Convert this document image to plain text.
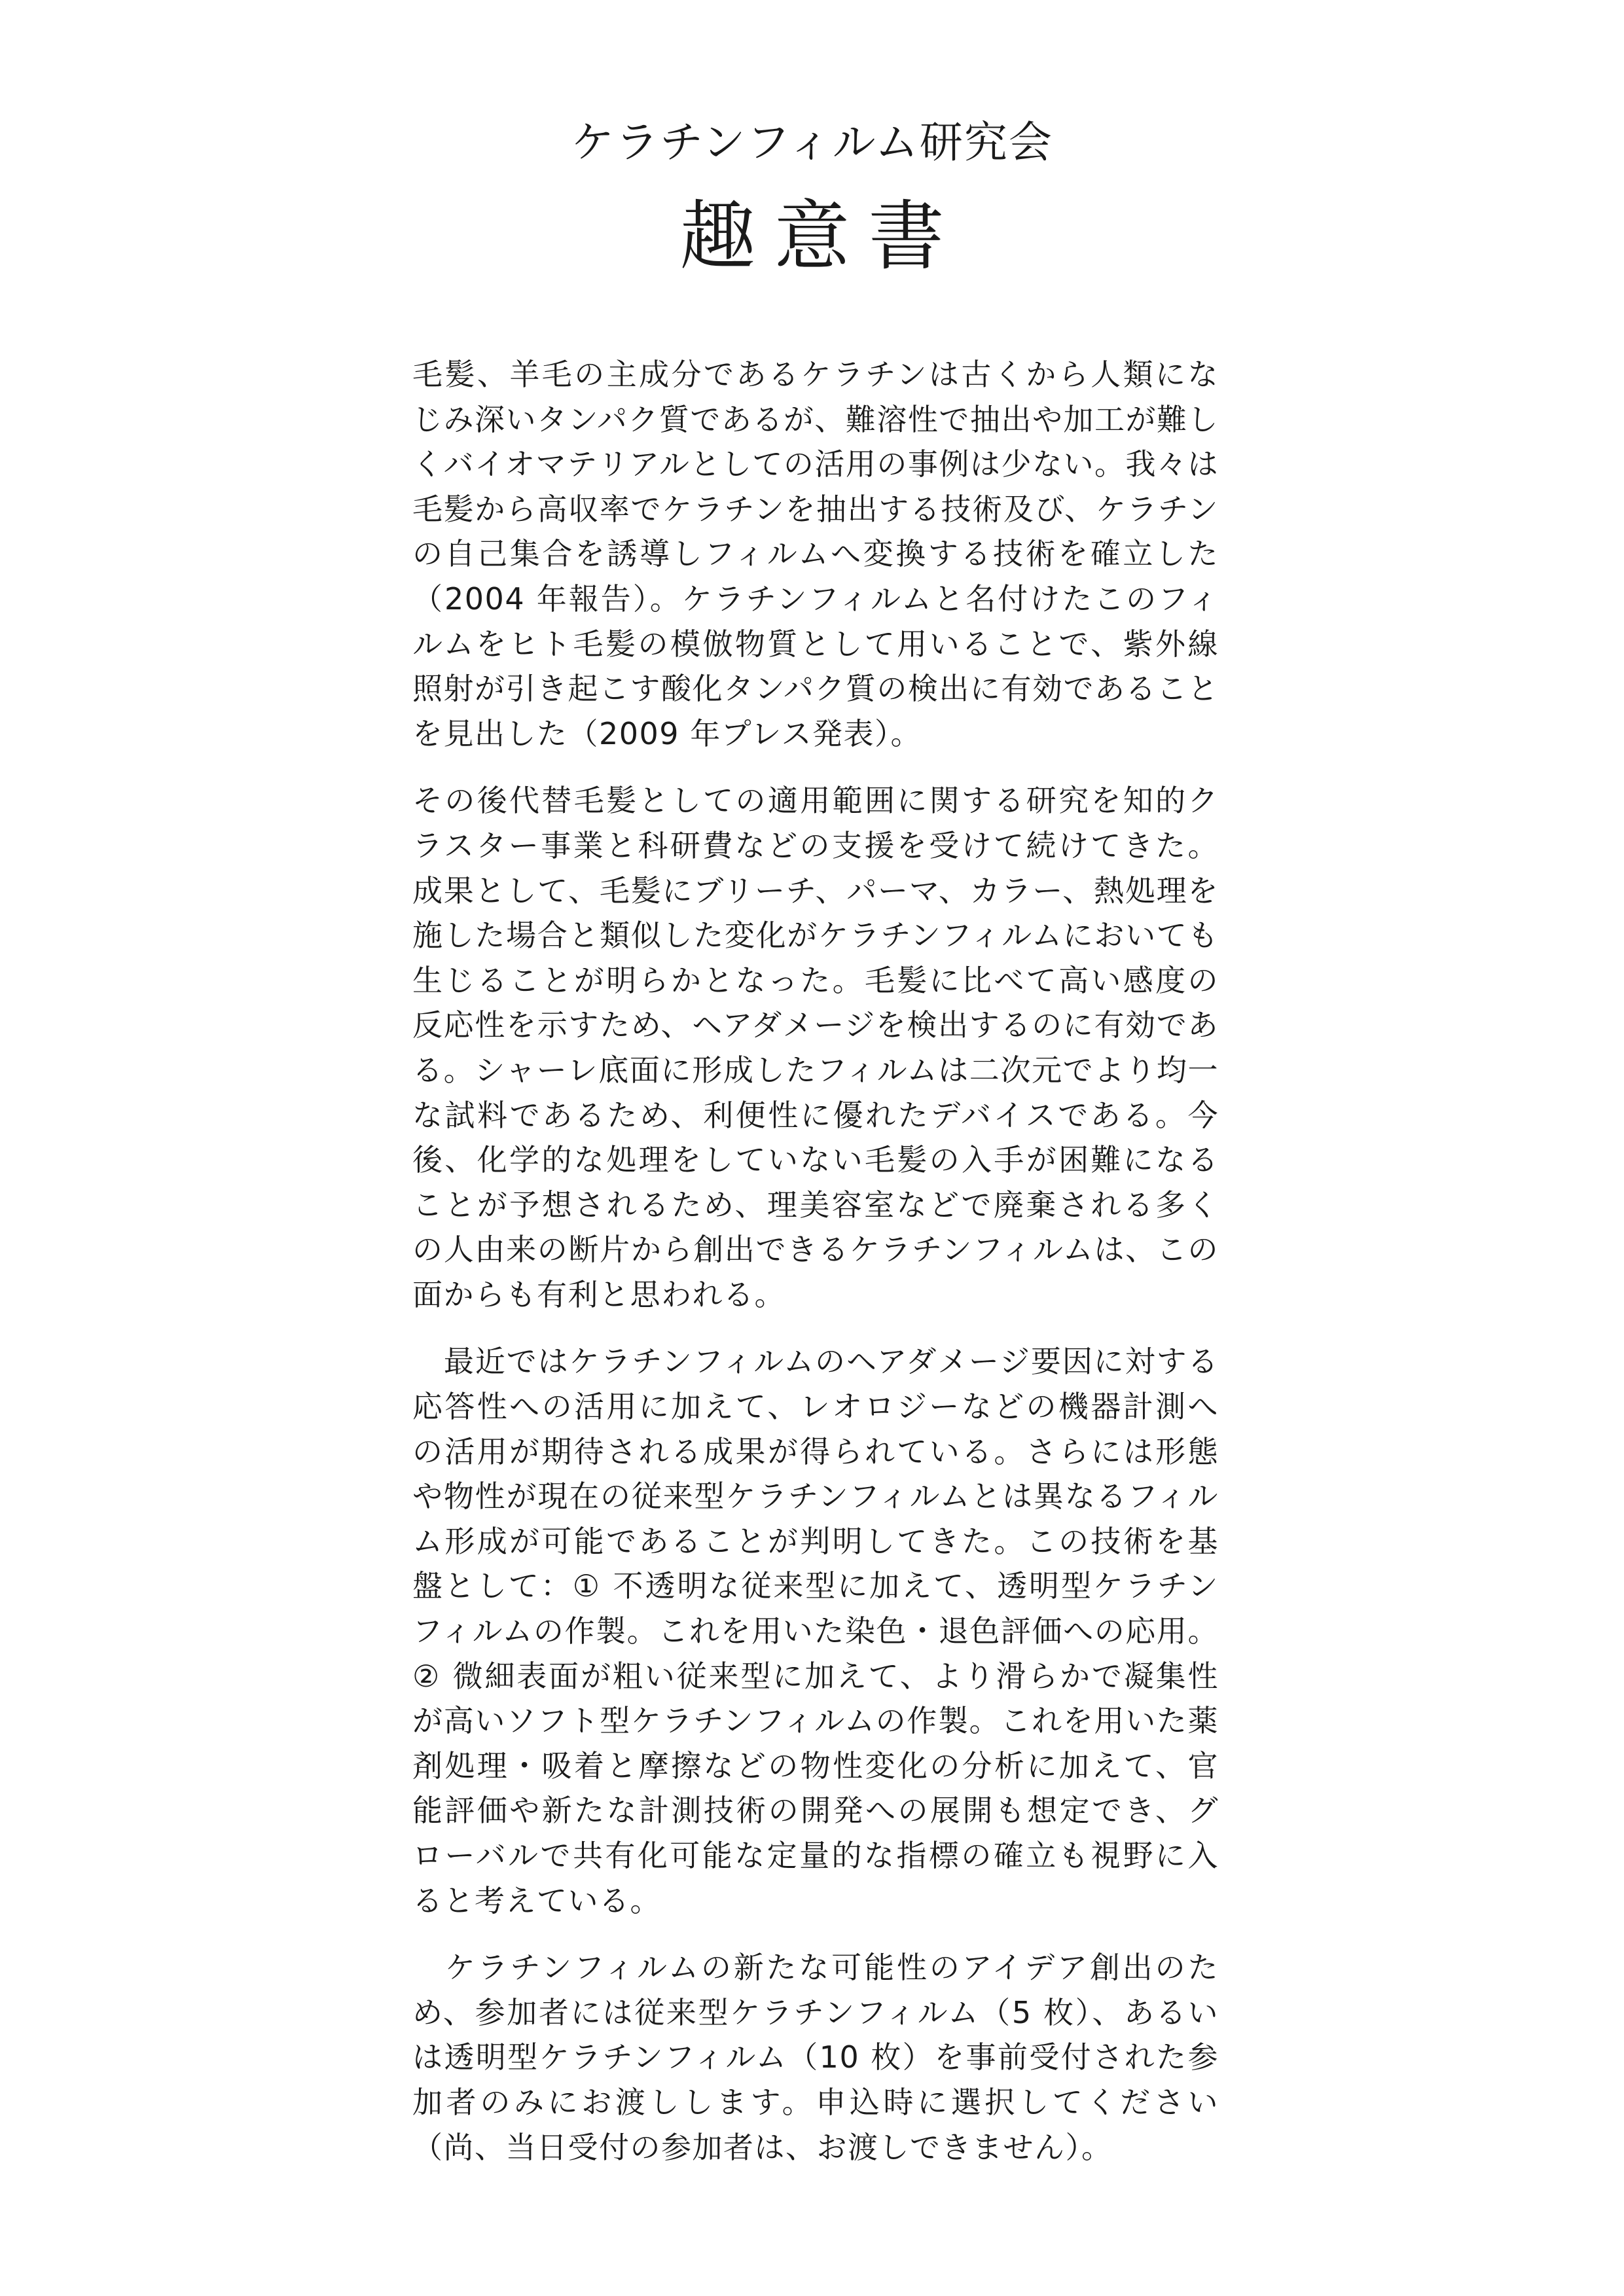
ケラチンフィルム研究会
趣意書

毛髪、羊毛の主成分であるケラチンは古くから人類になじみ深いタンパク質であるが、難溶性で抽出や加工が難しくバイオマテリアルとしての活用の事例は少ない。我々は毛髪から高収率でケラチンを抽出する技術及び、ケラチンの自己集合を誘導しフィルムへ変換する技術を確立した（2004 年報告）。ケラチンフィルムと名付けたこのフィルムをヒト毛髪の模倣物質として用いることで、紫外線照射が引き起こす酸化タンパク質の検出に有効であることを見出した（2009 年プレス発表）。

その後代替毛髪としての適用範囲に関する研究を知的クラスター事業と科研費などの支援を受けて続けてきた。成果として、毛髪にブリーチ、パーマ、カラー、熱処理を施した場合と類似した変化がケラチンフィルムにおいても生じることが明らかとなった。毛髪に比べて高い感度の反応性を示すため、ヘアダメージを検出するのに有効である。シャーレ底面に形成したフィルムは二次元でより均一な試料であるため、利便性に優れたデバイスである。今後、化学的な処理をしていない毛髪の入手が困難になることが予想されるため、理美容室などで廃棄される多くの人由来の断片から創出できるケラチンフィルムは、この面からも有利と思われる。

　最近ではケラチンフィルムのヘアダメージ要因に対する応答性への活用に加えて、レオロジーなどの機器計測への活用が期待される成果が得られている。さらには形態や物性が現在の従来型ケラチンフィルムとは異なるフィルム形成が可能であることが判明してきた。この技術を基盤として：① 不透明な従来型に加えて、透明型ケラチンフィルムの作製。これを用いた染色・退色評価への応用。② 微細表面が粗い従来型に加えて、より滑らかで凝集性が高いソフト型ケラチンフィルムの作製。これを用いた薬剤処理・吸着と摩擦などの物性変化の分析に加えて、官能評価や新たな計測技術の開発への展開も想定でき、グローバルで共有化可能な定量的な指標の確立も視野に入ると考えている。

　ケラチンフィルムの新たな可能性のアイデア創出のため、参加者には従来型ケラチンフィルム（5 枚）、あるいは透明型ケラチンフィルム（10 枚）を事前受付された参加者のみにお渡しします。申込時に選択してください（尚、当日受付の参加者は、お渡しできません）。
